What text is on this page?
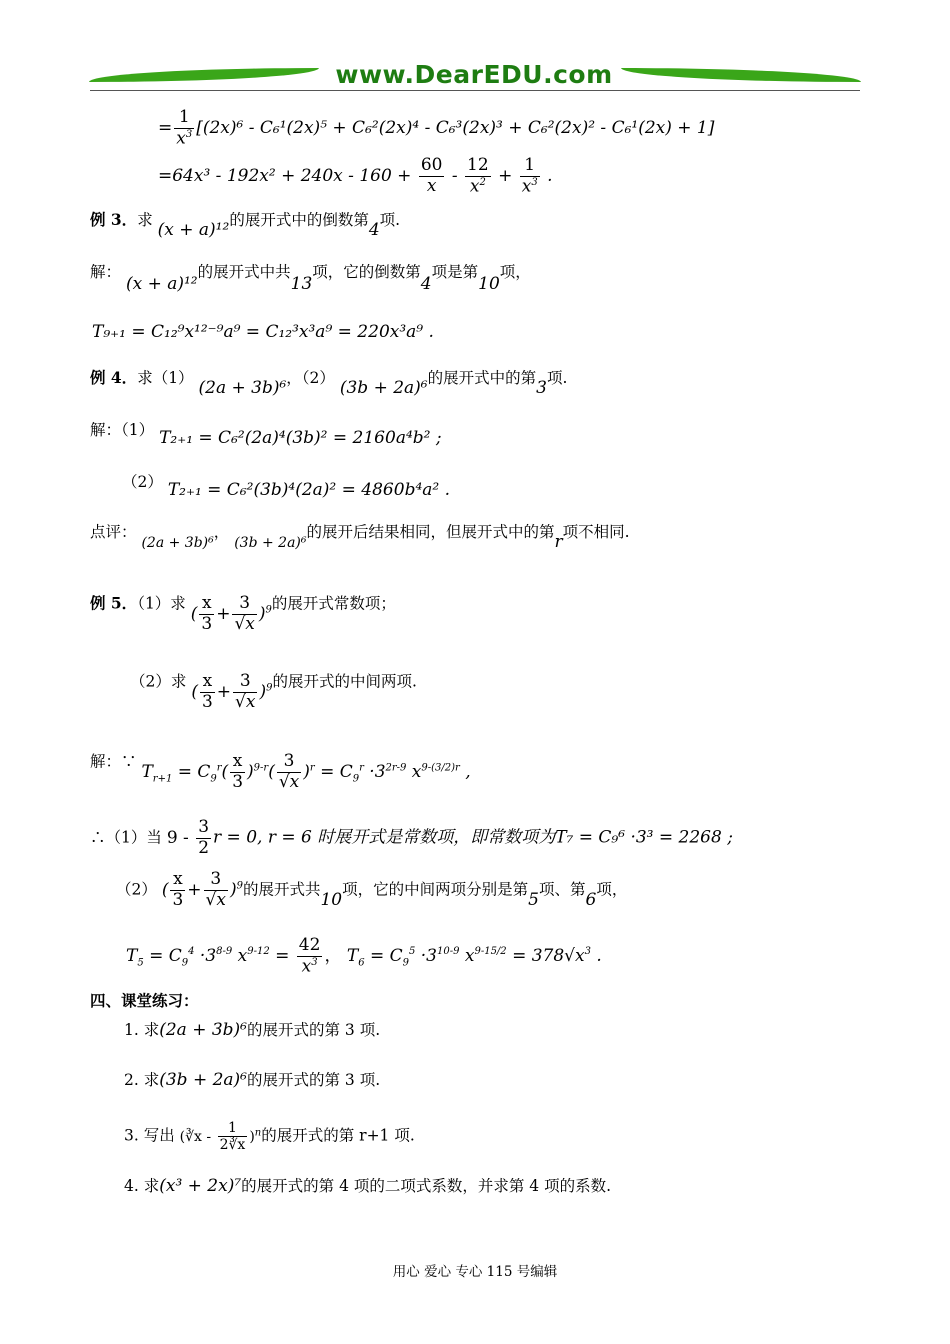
www.DearEDU.com
= $\frac{1}{x^3} [(2x)^6 - C_6^1(2x)^5 + C_6^2(2x)^4 - C_6^3(2x)^3 + C_6^2(2x)^2 - C_6^1(2x) + 1]$
$=64x^3 - 192x^2 + 240x - 160 + \frac{60}{x} - \frac{12}{x^2} + \frac{1}{x^3}$ .
例 3．求 (x + a)¹²的展开式中的倒数第4项.
解： (x + a)¹²的展开式中共13项，它的倒数第4项是第10项，
T₉₊₁ = C₁₂⁹x¹²⁻⁹a⁹ = C₁₂³x³a⁹ = 220x³a⁹ .
例 4．求（1） (2a + 3b)⁶，（2） (3b + 2a)⁶的展开式中的第3项.
解：（1） T₂₊₁ = C₆²(2a)⁴(3b)² = 2160a⁴b² ;
（2） T₂₊₁ = C₆²(3b)⁴(2a)² = 4860b⁴a² .
点评： (2a + 3b)⁶， (3b + 2a)⁶的展开后结果相同，但展开式中的第r项不相同.
例 5．（1）求 ( $\frac{x}{3} + \frac{3}{√x} )^9$的展开式常数项；
（2）求 ( $\frac{x}{3} + \frac{3}{√x} )^9$的展开式的中间两项.
解：∵ $T_{r+1} = C_9^r( \frac{x}{3} )^{9-r}( \frac{3}{√x} )^r = C_9^r \cdot 3^{2r-9}$ $x^{9-(3/2)r}$ ,
∴（1）当 $9 - \frac{3}{2}$ r = 0, r = 6 时展开式是常数项，即常数项为T₇ = C₉⁶ ·3³ = 2268 ;
（2） ( $\frac{x}{3} + \frac{3}{√x} )^9$的展开式共10项，它的中间两项分别是第5项、第6项，
$T_5 = C_9^4 \cdot 3^{8-9}$ $x^{9-12} = \frac{42}{x^3}$ ， $T_6 = C_9^5 \cdot 3^{10-9}$ $x^{9-15/2} = 378√x^3$ .
四、课堂练习：
1. 求(2a + 3b)⁶的展开式的第 3 项.
2. 求(3b + 2a)⁶的展开式的第 3 项.
3. 写出 (∛x - $\frac{1}{2∛x} )^n$的展开式的第 r+1 项.
4. 求(x³ + 2x)⁷的展开式的第 4 项的二项式系数，并求第 4 项的系数.
用心 爱心 专心 115 号编辑
